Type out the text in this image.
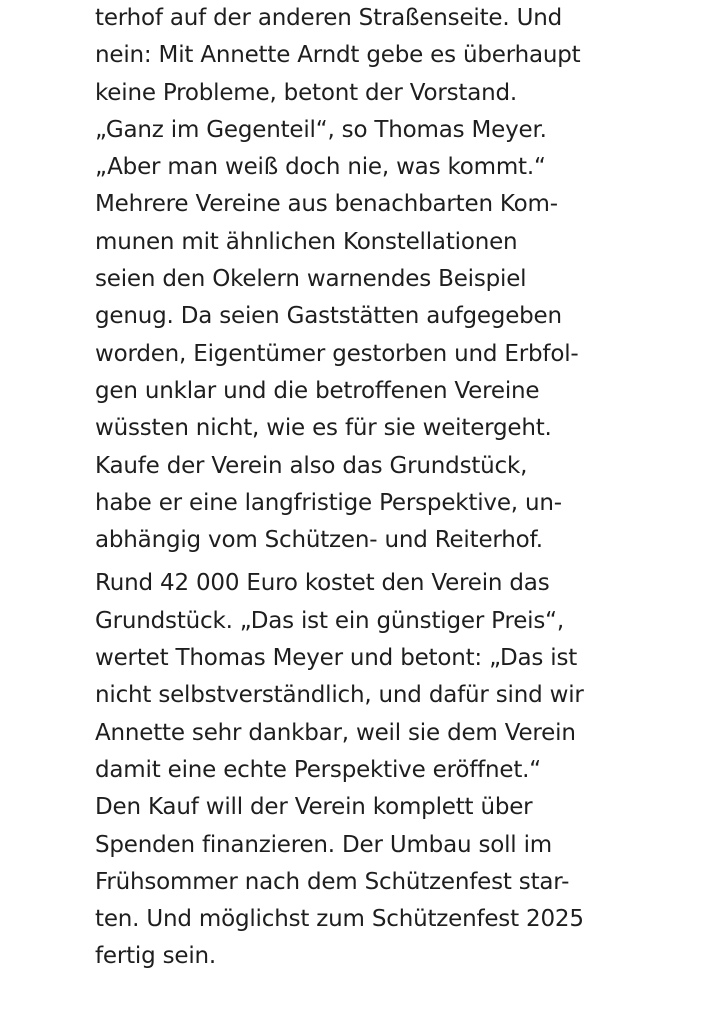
terhof auf der anderen Straßenseite. Und
nein: Mit Annette Arndt gebe es überhaupt
keine Probleme, betont der Vorstand.
„Ganz im Gegenteil“, so Thomas Meyer.
„Aber man weiß doch nie, was kommt.“
Mehrere Vereine aus benachbarten Kom-
munen mit ähnlichen Konstellationen
seien den Okelern warnendes Beispiel
genug. Da seien Gaststätten aufgegeben
worden, Eigentümer gestorben und Erbfol-
gen unklar und die betroffenen Vereine
wüssten nicht, wie es für sie weitergeht.
Kaufe der Verein also das Grundstück,
habe er eine langfristige Perspektive, un-
abhängig vom Schützen- und Reiterhof.
Rund 42 000 Euro kostet den Verein das
Grundstück. „Das ist ein günstiger Preis“,
wertet Thomas Meyer und betont: „Das ist
nicht selbstverständlich, und dafür sind wir
Annette sehr dankbar, weil sie dem Verein
damit eine echte Perspektive eröffnet.“
Den Kauf will der Verein komplett über
Spenden finanzieren. Der Umbau soll im
Frühsommer nach dem Schützenfest star-
ten. Und möglichst zum Schützenfest 2025
fertig sein.
